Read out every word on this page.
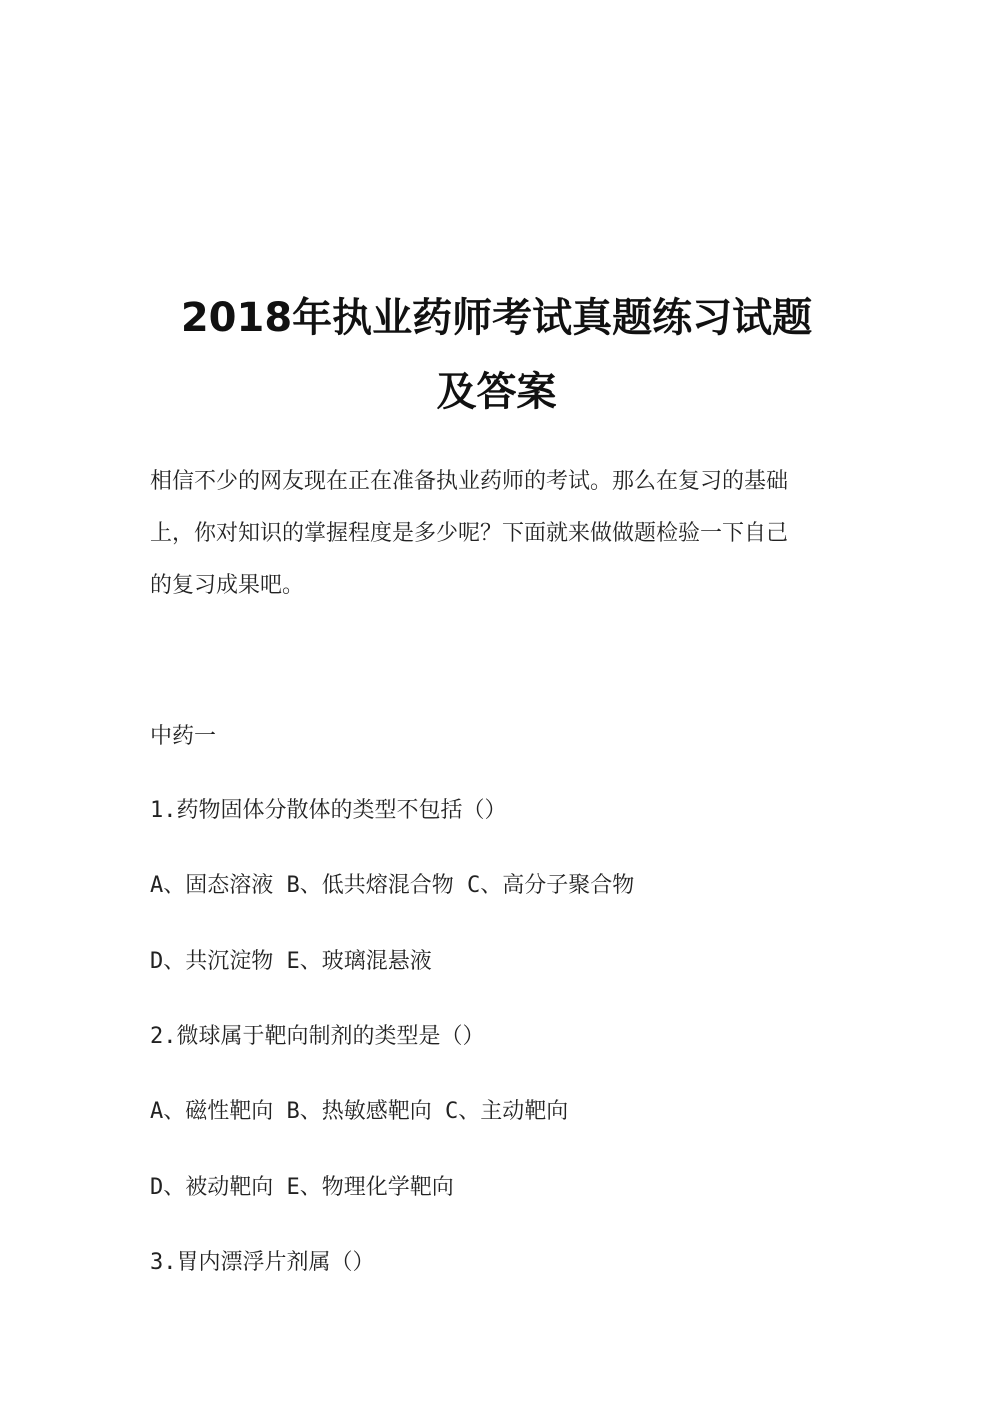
2018年执业药师考试真题练习试题
及答案
相信不少的网友现在正在准备执业药师的考试。那么在复习的基础
上，你对知识的掌握程度是多少呢？下面就来做做题检验一下自己
的复习成果吧。
中药一
1.药物固体分散体的类型不包括（）
A、固态溶液 B、低共熔混合物 C、高分子聚合物
D、共沉淀物 E、玻璃混悬液
2.微球属于靶向制剂的类型是（）
A、磁性靶向 B、热敏感靶向 C、主动靶向
D、被动靶向 E、物理化学靶向
3.胃内漂浮片剂属（）
